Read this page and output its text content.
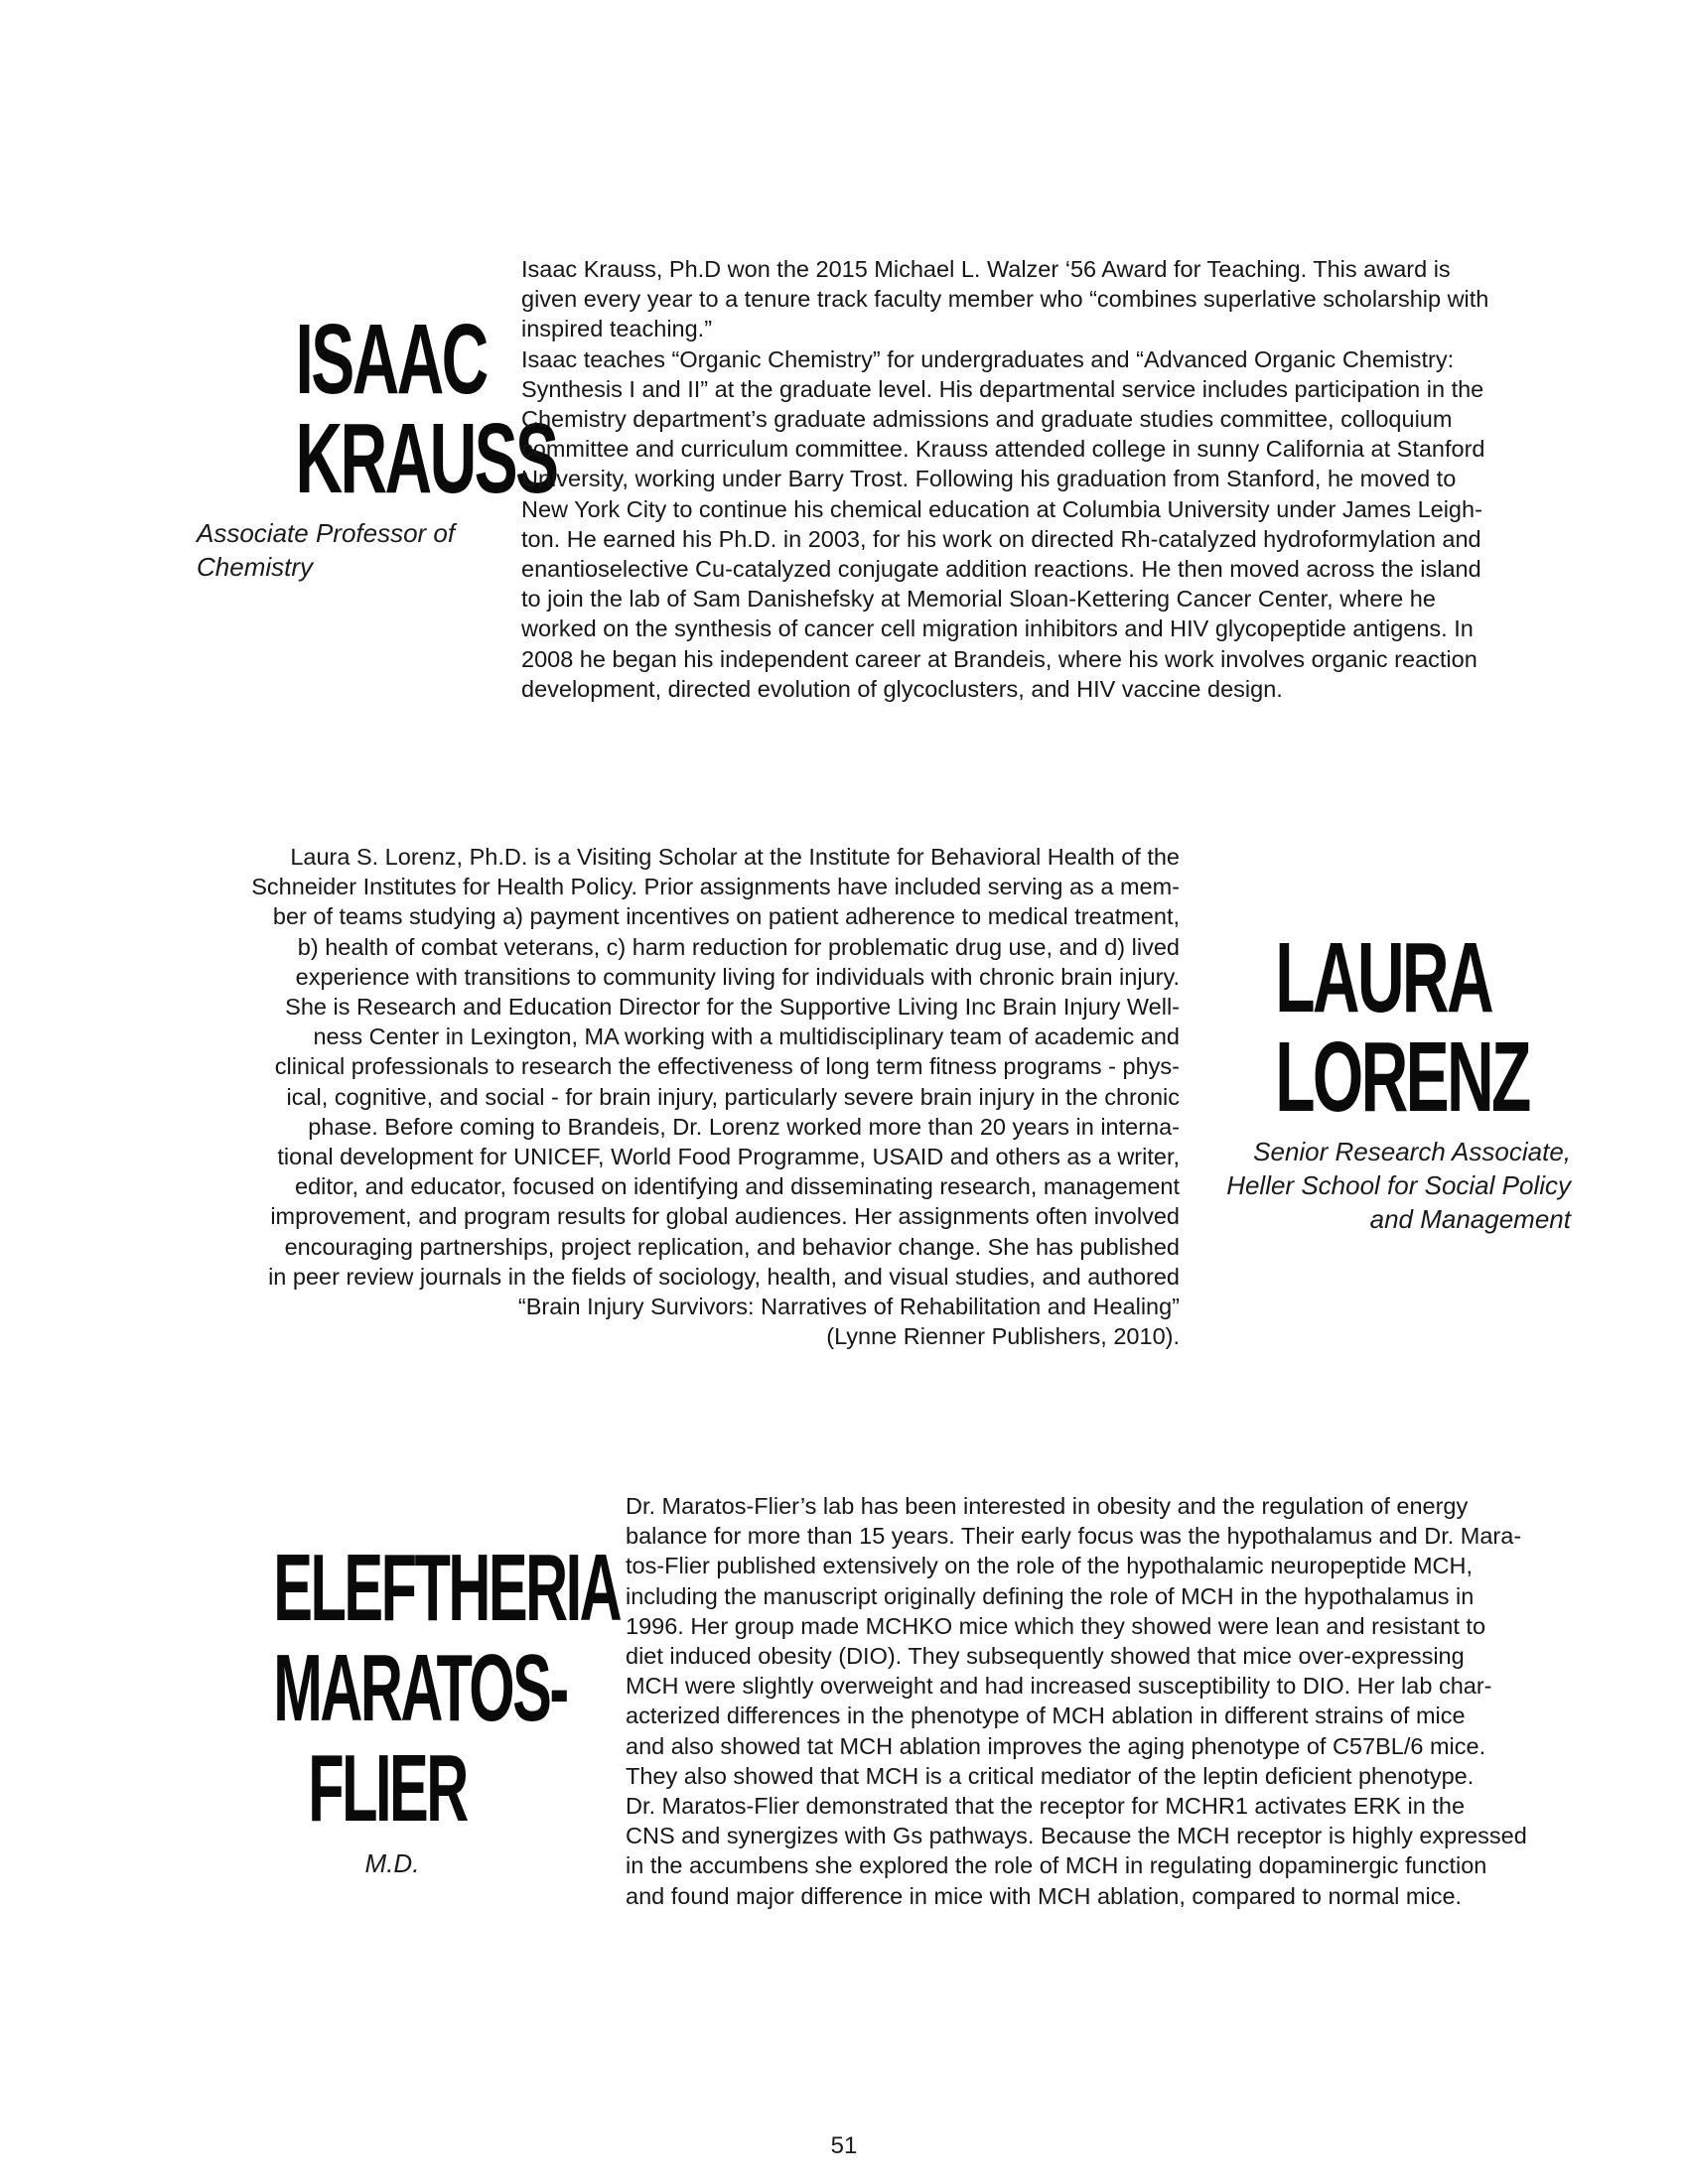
ISAAC
KRAUSS
Associate Professor of
Chemistry

Isaac Krauss, Ph.D won the 2015 Michael L. Walzer ‘56 Award for Teaching. This award is

given every year to a tenure track faculty member who “combines superlative scholarship with

inspired teaching.”

Isaac teaches “Organic Chemistry” for undergraduates and “Advanced Organic Chemistry:

Synthesis I and II” at the graduate level. His departmental service includes participation in the

Chemistry department’s graduate admissions and graduate studies committee, colloquium

committee and curriculum committee. Krauss attended college in sunny California at Stanford

University, working under Barry Trost. Following his graduation from Stanford, he moved to

New York City to continue his chemical education at Columbia University under James Leigh-

ton. He earned his Ph.D. in 2003, for his work on directed Rh-catalyzed hydroformylation and

enantioselective Cu-catalyzed conjugate addition reactions. He then moved across the island

to join the lab of Sam Danishefsky at Memorial Sloan-Kettering Cancer Center, where he

worked on the synthesis of cancer cell migration inhibitors and HIV glycopeptide antigens. In

2008 he began his independent career at Brandeis, where his work involves organic reaction

development, directed evolution of glycoclusters, and HIV vaccine design.

Laura S. Lorenz, Ph.D. is a Visiting Scholar at the Institute for Behavioral Health of the

Schneider Institutes for Health Policy. Prior assignments have included serving as a mem-

ber of teams studying a) payment incentives on patient adherence to medical treatment,

b) health of combat veterans, c) harm reduction for problematic drug use, and d) lived

experience with transitions to community living for individuals with chronic brain injury.

She is Research and Education Director for the Supportive Living Inc Brain Injury Well-

ness Center in Lexington, MA working with a multidisciplinary team of academic and

clinical professionals to research the effectiveness of long term fitness programs - phys-

ical, cognitive, and social - for brain injury, particularly severe brain injury in the chronic

phase. Before coming to Brandeis, Dr. Lorenz worked more than 20 years in interna-

tional development for UNICEF, World Food Programme, USAID and others as a writer,

editor, and educator, focused on identifying and disseminating research, management

improvement, and program results for global audiences. Her assignments often involved

encouraging partnerships, project replication, and behavior change. She has published

in peer review journals in the fields of sociology, health, and visual studies, and authored

“Brain Injury Survivors: Narratives of Rehabilitation and Healing”

(Lynne Rienner Publishers, 2010).

LAURA
LORENZ
Senior Research Associate,
Heller School for Social Policy
and Management
ELEFTHERIA
MARATOS-
FLIER
M.D.

Dr. Maratos-Flier’s lab has been interested in obesity and the regulation of energy

balance for more than 15 years. Their early focus was the hypothalamus and Dr. Mara-

tos-Flier published extensively on the role of the hypothalamic neuropeptide MCH,

including the manuscript originally defining the role of MCH in the hypothalamus in

1996. Her group made MCHKO mice which they showed were lean and resistant to

diet induced obesity (DIO). They subsequently showed that mice over-expressing

MCH were slightly overweight and had increased susceptibility to DIO. Her lab char-

acterized differences in the phenotype of MCH ablation in different strains of mice

and also showed tat MCH ablation improves the aging phenotype of C57BL/6 mice.

They also showed that MCH is a critical mediator of the leptin deficient phenotype.

Dr. Maratos-Flier demonstrated that the receptor for MCHR1 activates ERK in the

CNS and synergizes with Gs pathways. Because the MCH receptor is highly expressed

in the accumbens she explored the role of MCH in regulating dopaminergic function

and found major difference in mice with MCH ablation, compared to normal mice.

51
